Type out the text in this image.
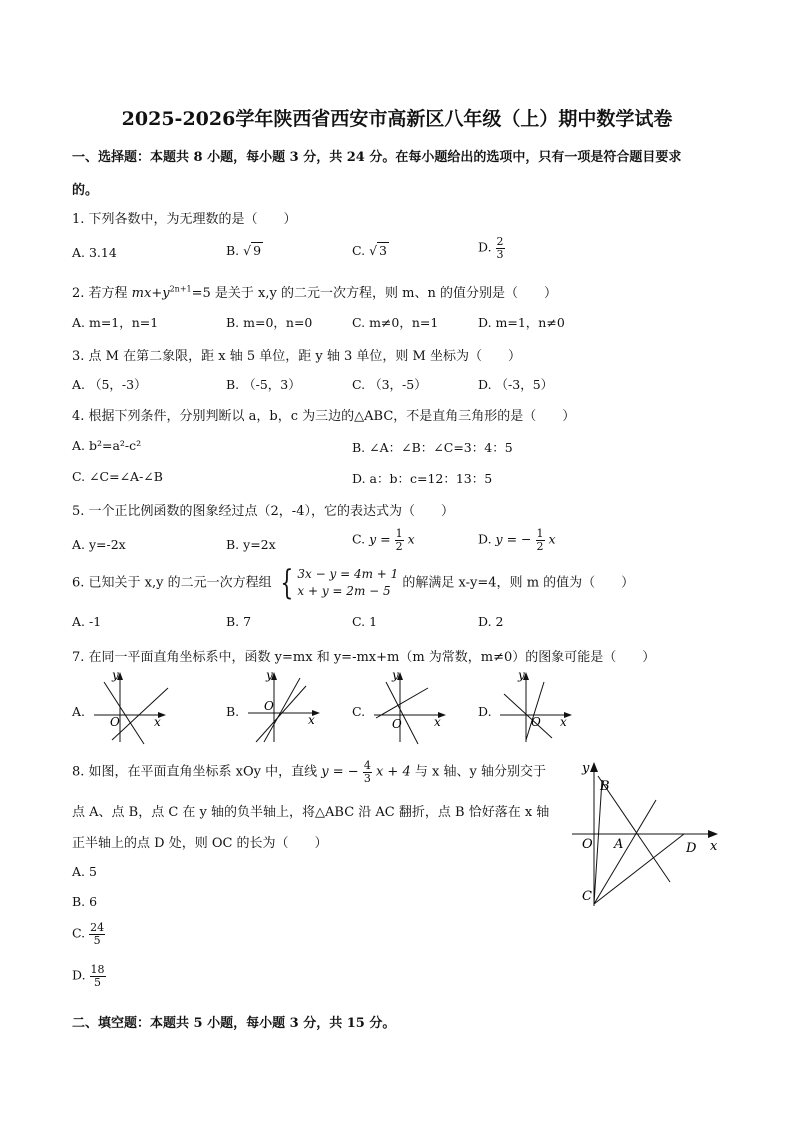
2025-2026学年陕西省西安市高新区八年级（上）期中数学试卷
一、选择题：本题共 8 小题，每小题 3 分，共 24 分。在每小题给出的选项中，只有一项是符合题目要求
的。
1. 下列各数中，为无理数的是（　　）
A. 3.14	B. √ 9	C. √ 3	D. $\frac{2}{3}$
2. 若方程 $mx+y^{2n+1}=5$ 是关于 x,y 的二元一次方程，则 m、n 的值分别是（　　）
A. m=1，n=1	B. m=0，n=0	C. m≠0，n=1	D. m=1，n≠0
3. 点 M 在第二象限，距 x 轴 5 单位，距 y 轴 3 单位，则 M 坐标为（　　）
A. （5，-3）	B. （-5，3）	C. （3，-5）	D. （-3，5）
4. 根据下列条件，分别判断以 a，b，c 为三边的△ABC，不是直角三角形的是（　　）
A. b²=a²-c²	B. ∠A：∠B：∠C=3：4：5
C. ∠C=∠A-∠B	D. a：b：c=12：13：5
5. 一个正比例函数的图象经过点（2，-4），它的表达式为（　　）
A. y=-2x	B. y=2x	C. $y = \frac{1}{2}$ x	D. y = − $\frac{1}{2}$ x
6. 已知关于 x,y 的二元一次方程组 { 3x − y = 4m + 1
x + y = 2m − 5
的解满足 x-y=4，则 m 的值为（　　）
A. -1	B. 7	C. 1	D. 2
7. 在同一平面直角坐标系中，函数 y=mx 和 y=-mx+m（m 为常数，m≠0）的图象可能是（　　）
A.
x
y
O
B.
x
y
O	C.
x
y
O
D.
x
y
O
8. 如图，在平面直角坐标系 xOy 中，直线 y = − $\frac{4}{3}$ x + 4 与 x 轴、y 轴分别交于
点 A、点 B，点 C 在 y 轴的负半轴上，将△ABC 沿 AC 翻折，点 B 恰好落在 x 轴
正半轴上的点 D 处，则 OC 的长为（　　）
A. 5
B. 6
C. $\frac{24}{5}$
D. $\frac{18}{5}$
y
B
O A	D x
C
二、填空题：本题共 5 小题，每小题 3 分，共 15 分。
